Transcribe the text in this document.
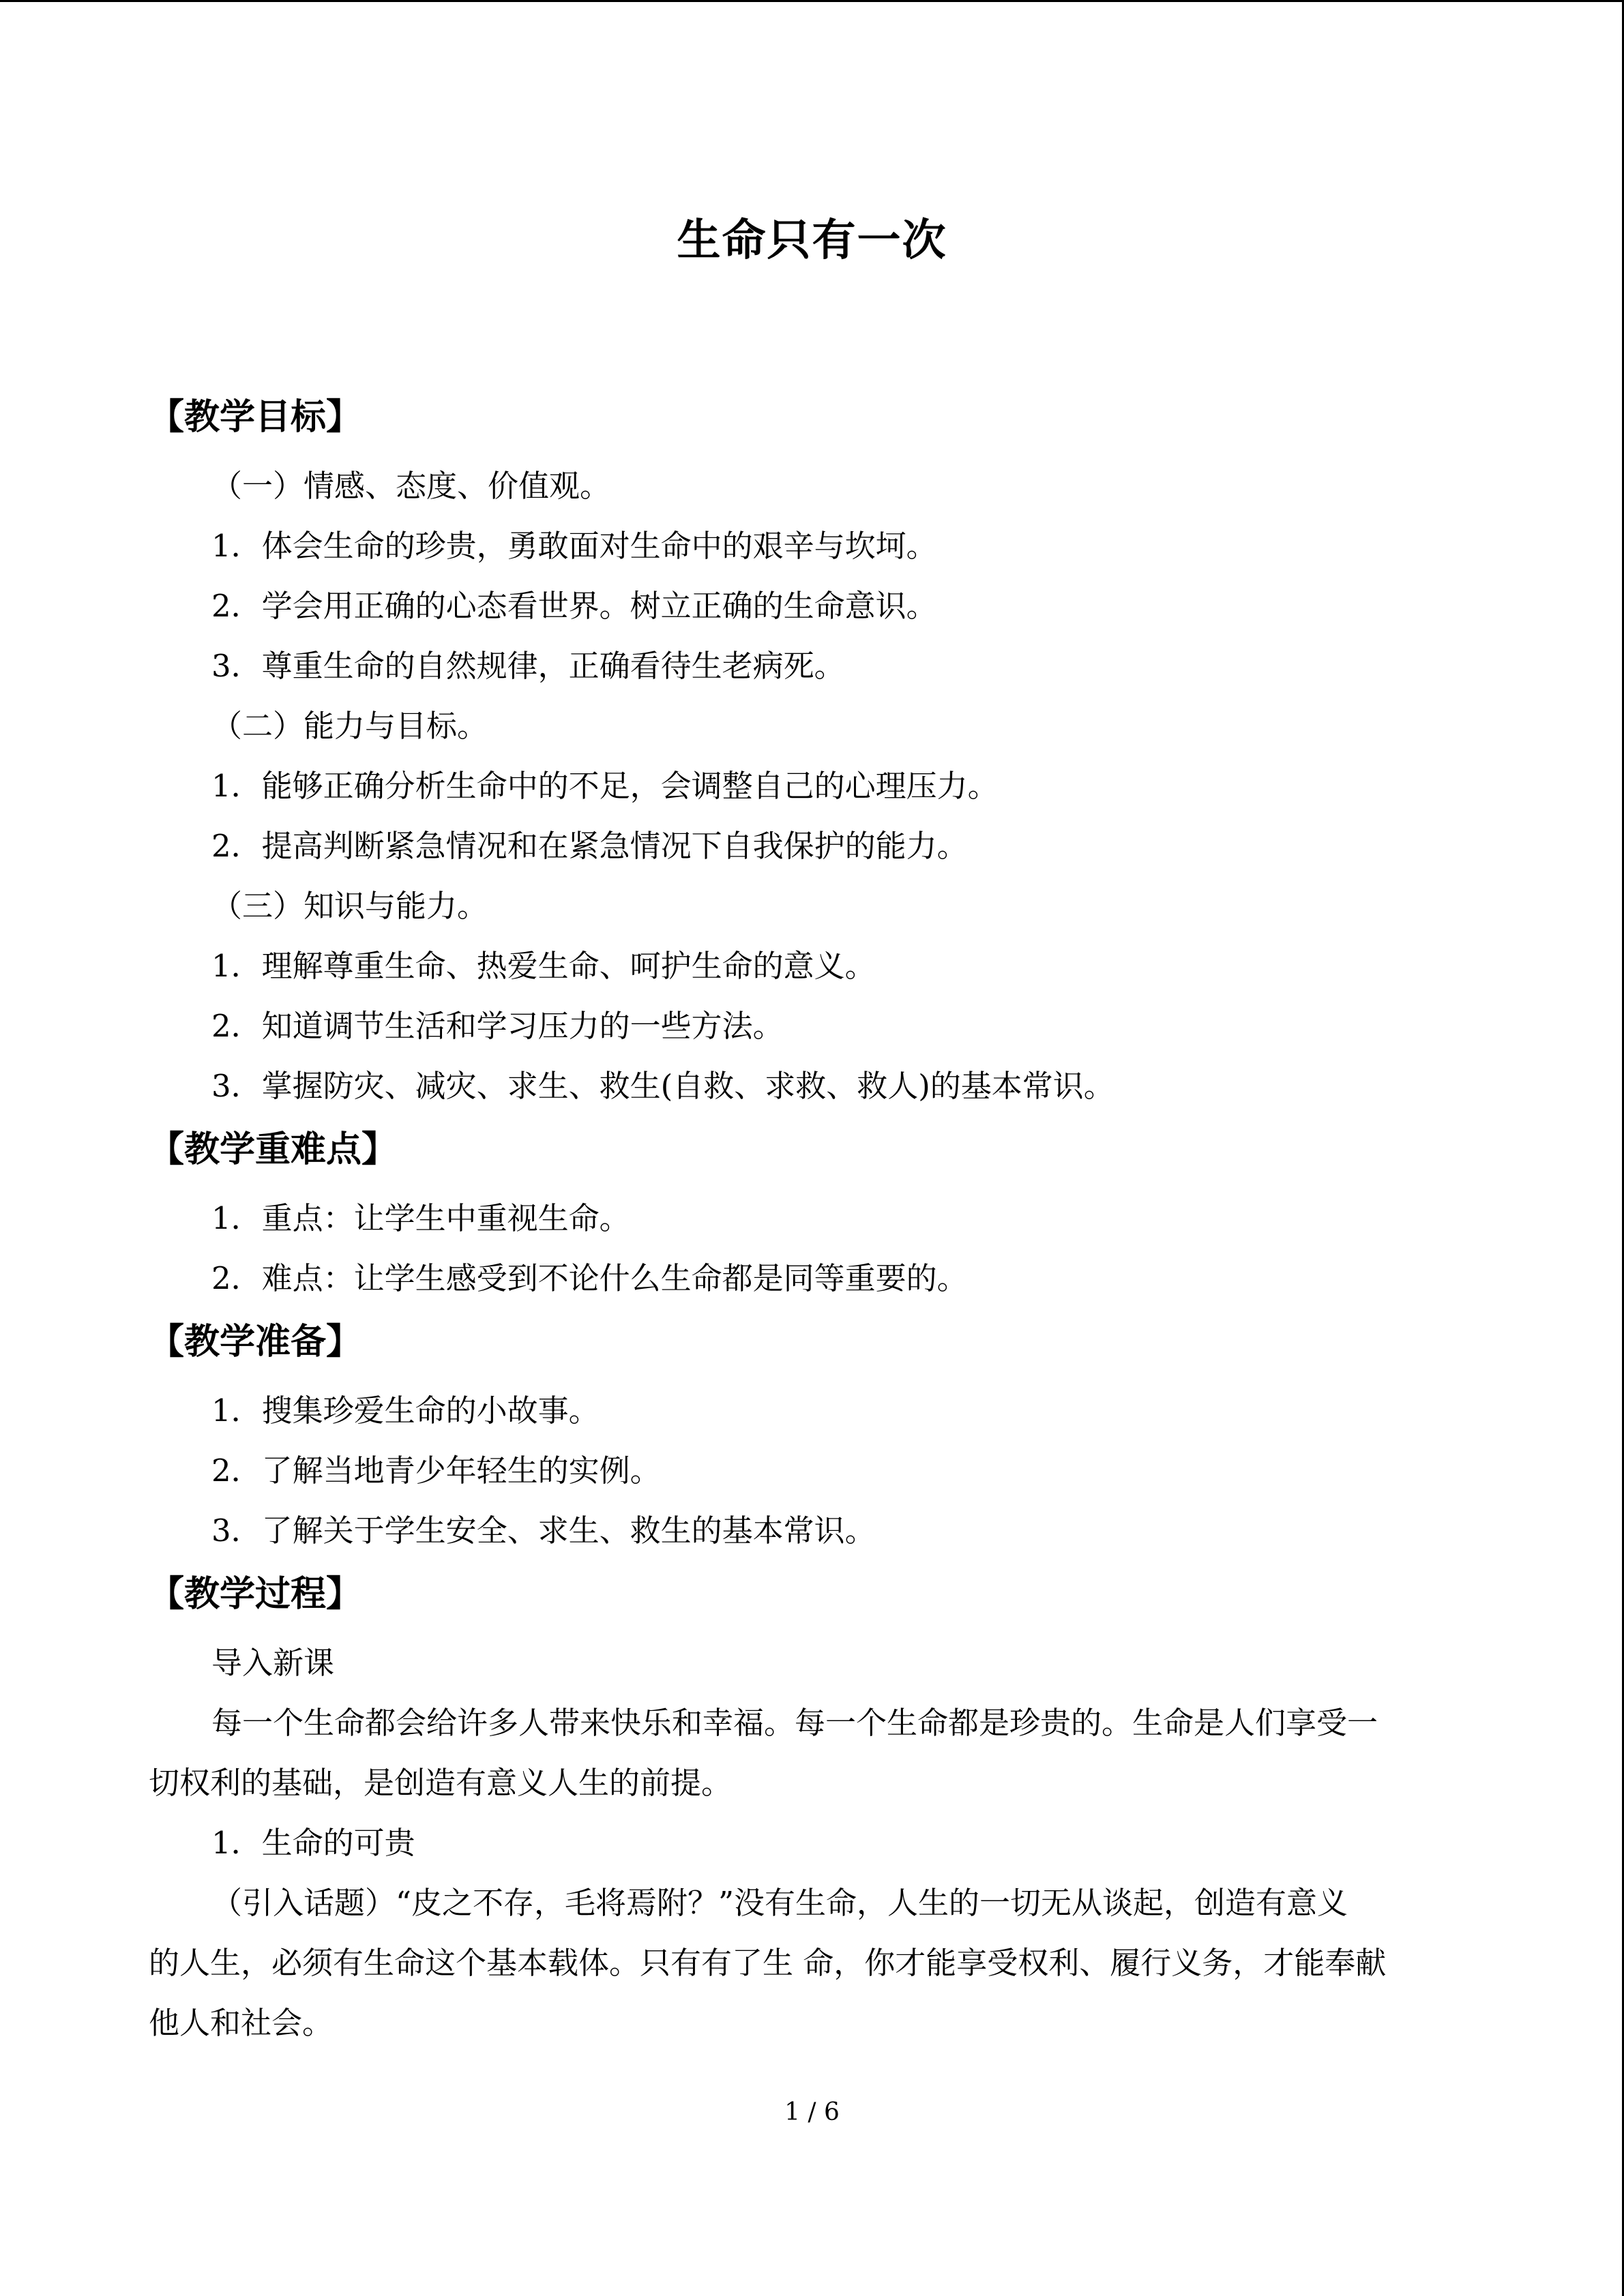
生命只有一次
【教学目标】
（一）情感、态度、价值观。
1．体会生命的珍贵，勇敢面对生命中的艰辛与坎坷。
2．学会用正确的心态看世界。树立正确的生命意识。
3．尊重生命的自然规律，正确看待生老病死。
（二）能力与目标。
1．能够正确分析生命中的不足，会调整自己的心理压力。
2．提高判断紧急情况和在紧急情况下自我保护的能力。
（三）知识与能力。
1．理解尊重生命、热爱生命、呵护生命的意义。
2．知道调节生活和学习压力的一些方法。
3．掌握防灾、减灾、求生、救生(自救、求救、救人)的基本常识。
【教学重难点】
1．重点：让学生中重视生命。
2．难点：让学生感受到不论什么生命都是同等重要的。
【教学准备】
1．搜集珍爱生命的小故事。
2．了解当地青少年轻生的实例。
3．了解关于学生安全、求生、救生的基本常识。
【教学过程】
导入新课
每一个生命都会给许多人带来快乐和幸福。每一个生命都是珍贵的。生命是人们享受一
切权利的基础，是创造有意义人生的前提。
1．生命的可贵
（引入话题）“皮之不存，毛将焉附？”没有生命，人生的一切无从谈起，创造有意义
的人生，必须有生命这个基本载体。只有有了生 命，你才能享受权利、履行义务，才能奉献
他人和社会。
1 / 6
